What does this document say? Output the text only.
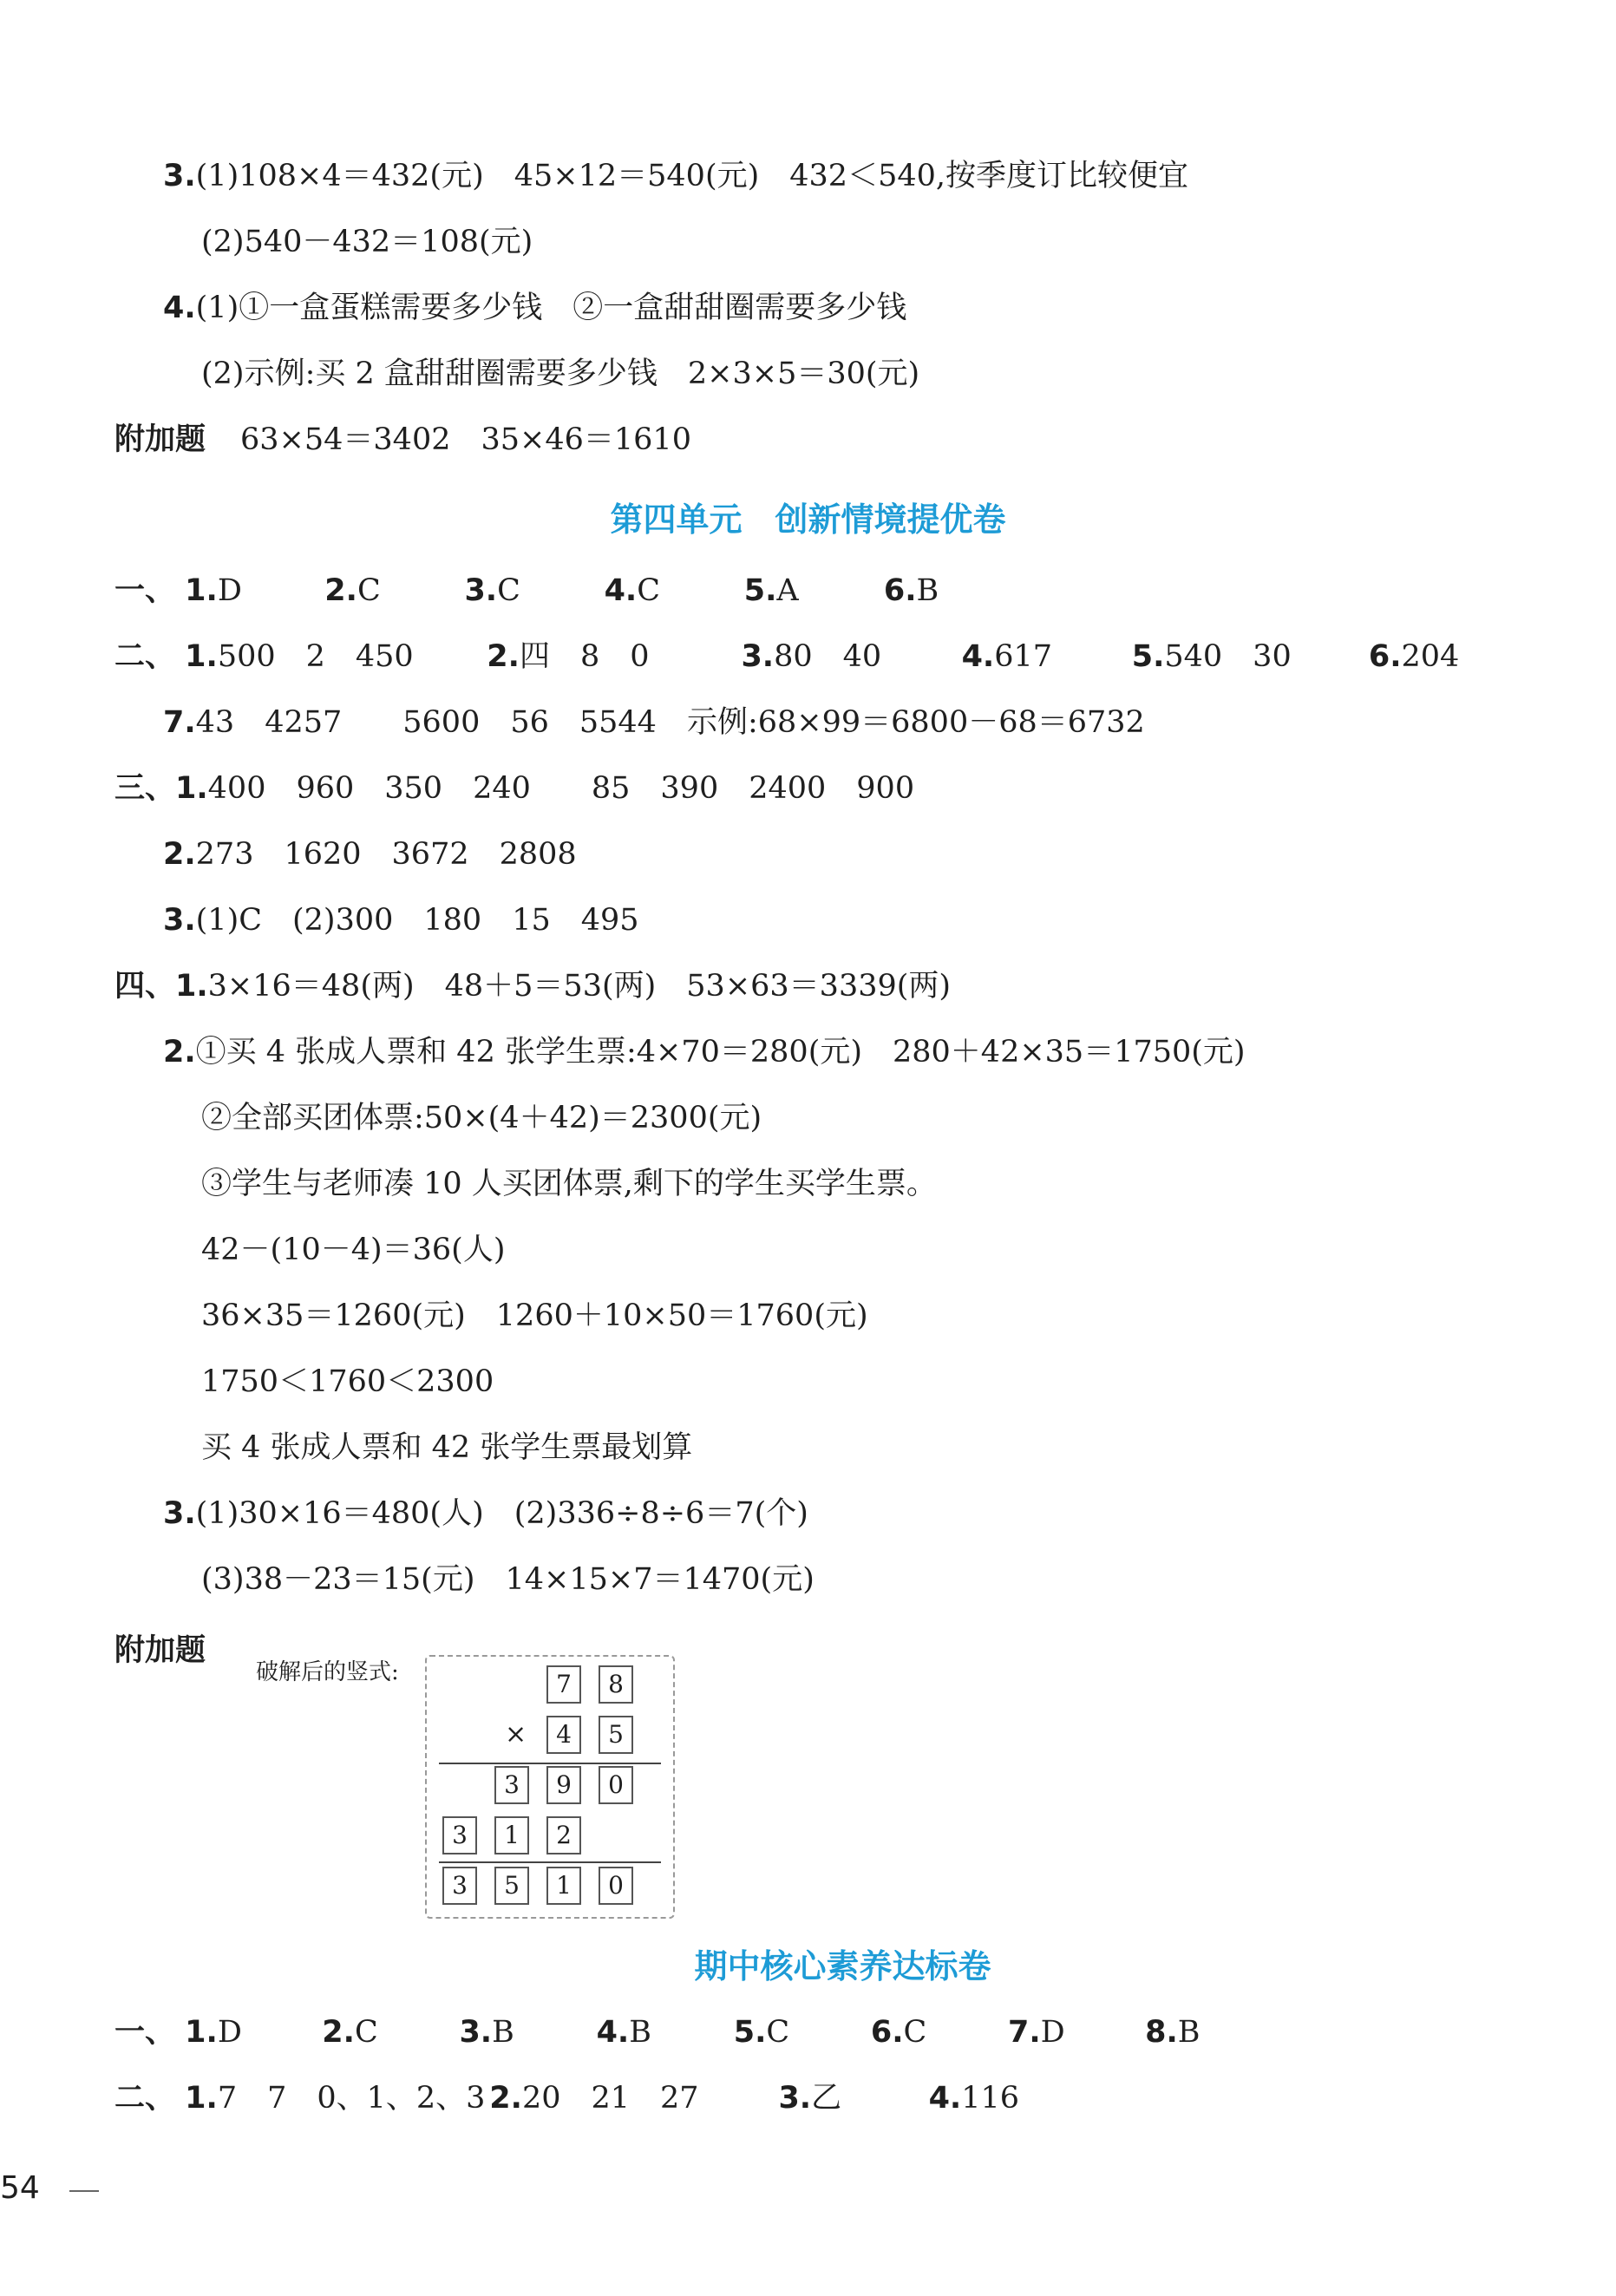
3.(1)108×4＝432(元)　45×12＝540(元)　432＜540,按季度订比较便宜
(2)540－432＝108(元)
4.(1)①一盒蛋糕需要多少钱　②一盒甜甜圈需要多少钱
(2)示例:买 2 盒甜甜圈需要多少钱　2×3×5＝30(元)
附加题 63×54＝3402　35×46＝1610
第四单元　创新情境提优卷
一、 1.D	2.C	3.C	4.C	5.A	6.B
二、 1.500　2　450 2.四　8　0	3.80　40	4.617	5.540　30	6.204
7.43　4257　　5600　56　5544　示例:68×99＝6800－68＝6732
三、1.400　960　350　240　　85　390　2400　900
2.273　1620　3672　2808
3.(1)C　(2)300　180　15　495
四、1.3×16＝48(两)　48＋5＝53(两)　53×63＝3339(两)
2.①买 4 张成人票和 42 张学生票:4×70＝280(元)　280＋42×35＝1750(元)
②全部买团体票:50×(4＋42)＝2300(元)
③学生与老师凑 10 人买团体票,剩下的学生买学生票。
42－(10－4)＝36(人)
36×35＝1260(元)　1260＋10×50＝1760(元)
1750＜1760＜2300
买 4 张成人票和 42 张学生票最划算
3.(1)30×16＝480(人)　(2)336÷8÷6＝7(个)
(3)38－23＝15(元)　14×15×7＝1470(元)
附加题
破解后的竖式:	7	8
×	4	5
3	9	0
3	1	2
3	5	1	0
期中核心素养达标卷
一、 1.D	2.C	3.B	4.B	5.C	6.C	7.D	8.B
二、 1.7　7　0、1、2、3 2.20　21　27	3.乙	4.116
54
